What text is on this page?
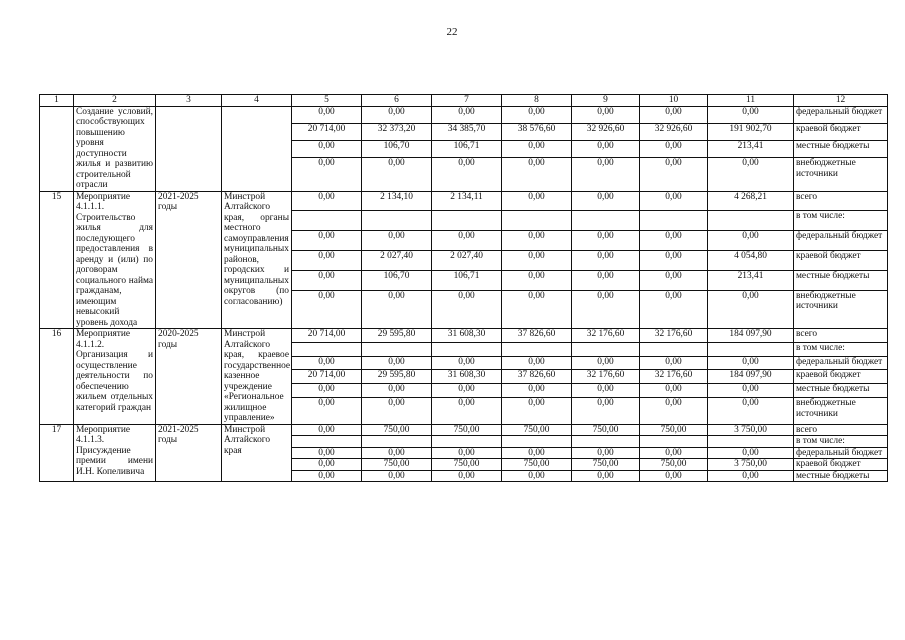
22
1	2	3	4	5	6	7	8	9	10	11	12
	Создание условий, способствующих повышению уровня доступности жилья и развитию строительной отрасли			0,00	0,00	0,00	0,00	0,00	0,00	0,00	федеральный бюджет
				20 714,00	32 373,20	34 385,70	38 576,60	32 926,60	32 926,60	191 902,70	краевой бюджет
				0,00	106,70	106,71	0,00	0,00	0,00	213,41	местные бюджеты
				0,00	0,00	0,00	0,00	0,00	0,00	0,00	внебюджетные источники
15	Мероприятие 4.1.1.1. Строительство жилья для последующего предоставления в аренду и (или) по договорам социального найма гражданам, имеющим невысокий уровень дохода	2021-2025 годы	Минстрой Алтайского края, органы местного самоуправления муниципальных районов, городских и муниципальных округов (по согласованию)	0,00	2 134,10	2 134,11	0,00	0,00	0,00	4 268,21	всего
											в том числе:
				0,00	0,00	0,00	0,00	0,00	0,00	0,00	федеральный бюджет
				0,00	2 027,40	2 027,40	0,00	0,00	0,00	4 054,80	краевой бюджет
				0,00	106,70	106,71	0,00	0,00	0,00	213,41	местные бюджеты
				0,00	0,00	0,00	0,00	0,00	0,00	0,00	внебюджетные источники
16	Мероприятие 4.1.1.2. Организация и осуществление деятельности по обеспечению жильем отдельных категорий граждан	2020-2025 годы	Минстрой Алтайского края, краевое государственное казенное учреждение «Региональное жилищное управление»	20 714,00	29 595,80	31 608,30	37 826,60	32 176,60	32 176,60	184 097,90	всего
											в том числе:
				0,00	0,00	0,00	0,00	0,00	0,00	0,00	федеральный бюджет
				20 714,00	29 595,80	31 608,30	37 826,60	32 176,60	32 176,60	184 097,90	краевой бюджет
				0,00	0,00	0,00	0,00	0,00	0,00	0,00	местные бюджеты
				0,00	0,00	0,00	0,00	0,00	0,00	0,00	внебюджетные источники
17	Мероприятие 4.1.1.3. Присуждение премии имени И.Н. Копеливича	2021-2025 годы	Минстрой Алтайского края	0,00	750,00	750,00	750,00	750,00	750,00	3 750,00	всего
											в том числе:
				0,00	0,00	0,00	0,00	0,00	0,00	0,00	федеральный бюджет
				0,00	750,00	750,00	750,00	750,00	750,00	3 750,00	краевой бюджет
				0,00	0,00	0,00	0,00	0,00	0,00	0,00	местные бюджеты
